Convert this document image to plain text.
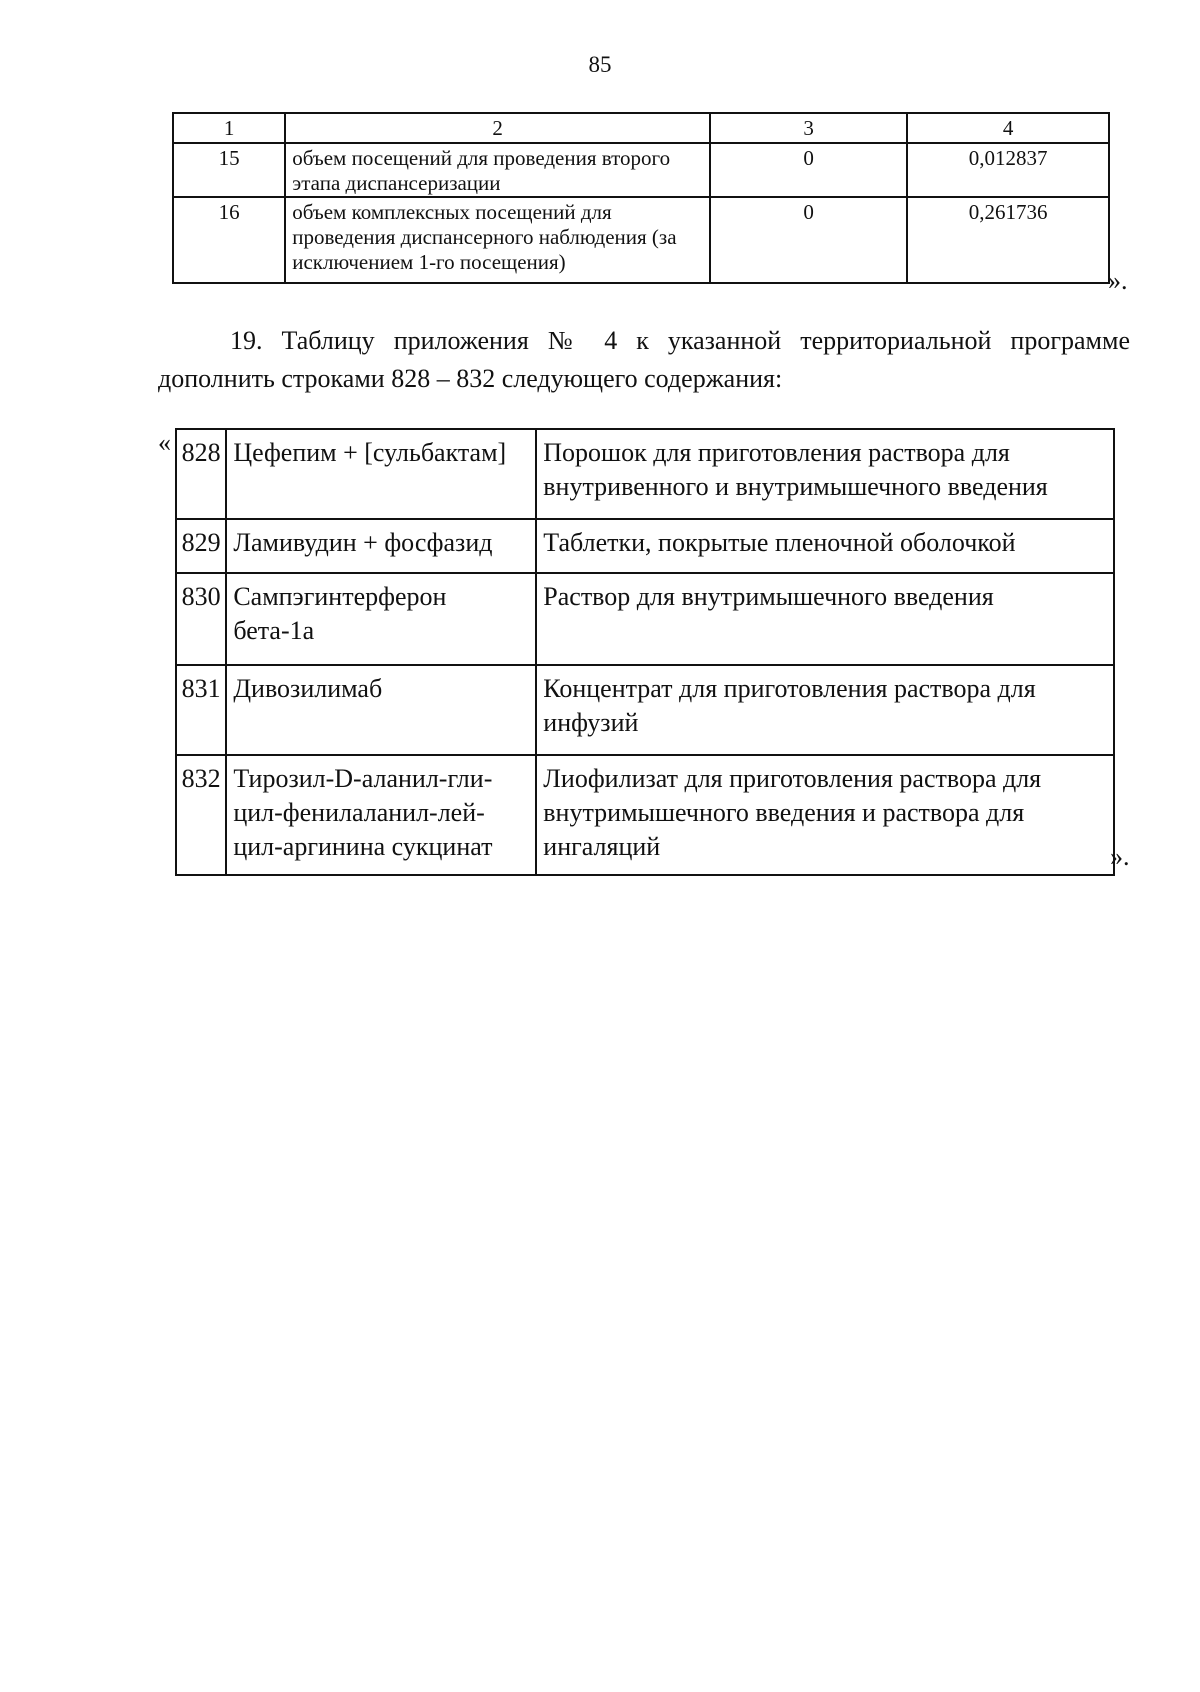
85
1	2	3	4
15	объем посещений для проведения второго этапа диспансеризации	0	0,012837
16	объем комплексных посещений для проведения диспансерного наблюдения (за исключением 1-го посещения)	0	0,261736
».
19. Таблицу приложения № 4 к указанной территориальной программе
дополнить строками 828 – 832 следующего содержания:
« 828	Цефепим + [сульбактам]	Порошок для приготовления раствора для внутривенного и внутримышечного введения
829	Ламивудин + фосфазид	Таблетки, покрытые пленочной оболочкой
830	Сампэгинтерферон бета-1a	Раствор для внутримышечного введения
831	Дивозилимаб	Концентрат для приготовления раствора для инфузий
832	Тирозил-D-аланил-гли-цил-фенилаланил-лей-цил-аргинина сукцинат	Лиофилизат для приготовления раствора для внутримышечного введения и раствора для ингаляций	».
